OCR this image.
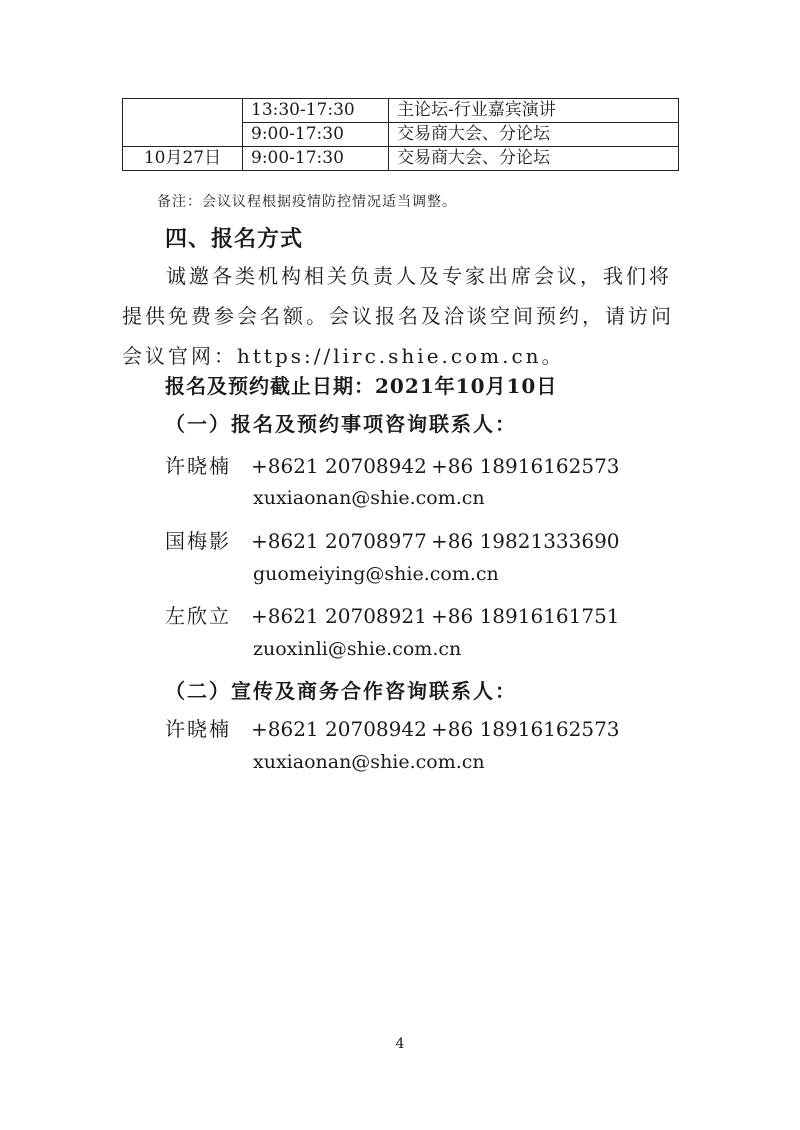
	13:30-17:30	主论坛-行业嘉宾演讲
	9:00-17:30	交易商大会、分论坛
10月27日	9:00-17:30	交易商大会、分论坛
备注：会议议程根据疫情防控情况适当调整。
四、报名方式
诚邀各类机构相关负责人及专家出席会议，我们将提供免费参会名额。会议报名及洽谈空间预约，请访问会议官网：https://lirc.shie.com.cn。
报名及预约截止日期：2021年10月10日
（一）报名及预约事项咨询联系人：
许晓楠 +8621 20708942 +86 18916162573
xuxiaonan@shie.com.cn
国梅影 +8621 20708977 +86 19821333690
guomeiying@shie.com.cn
左欣立 +8621 20708921 +86 18916161751
zuoxinli@shie.com.cn
（二）宣传及商务合作咨询联系人：
许晓楠 +8621 20708942 +86 18916162573
xuxiaonan@shie.com.cn
4
